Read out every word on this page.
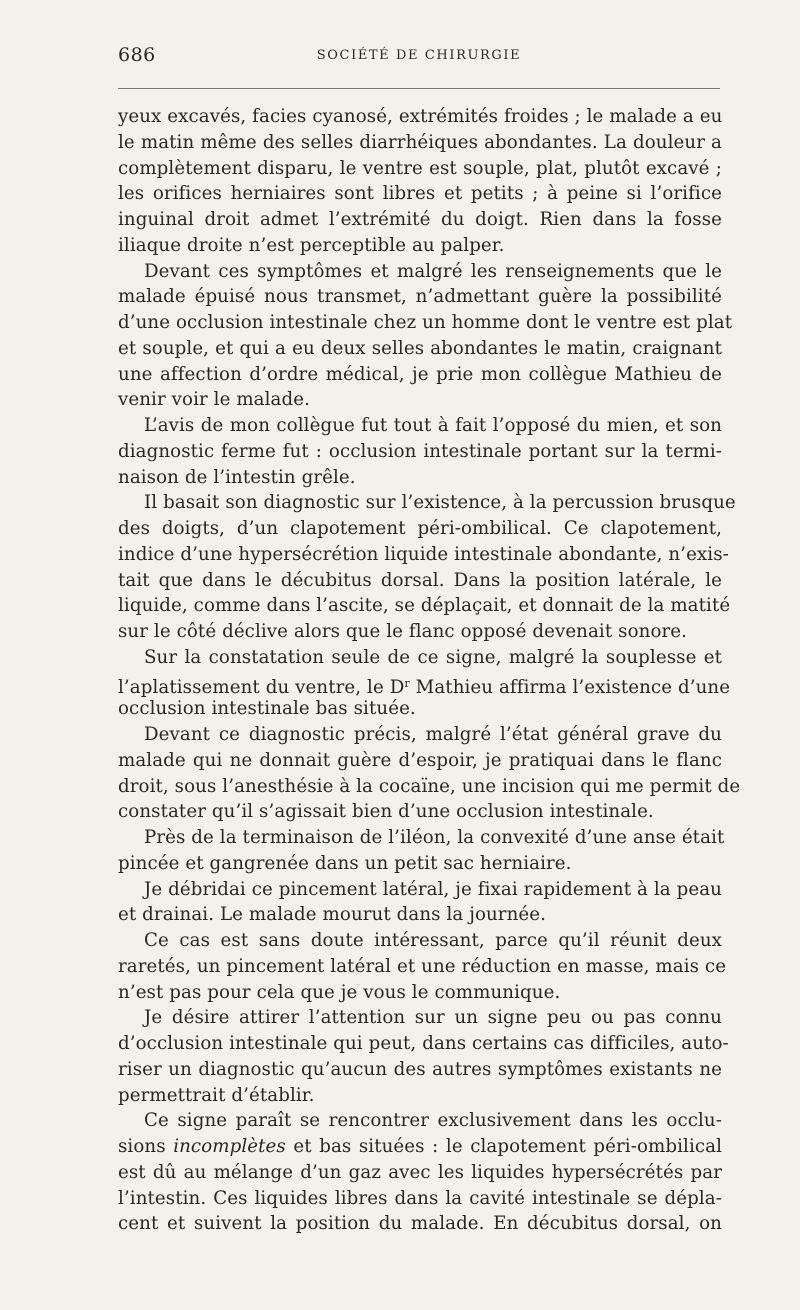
686	SOCIÉTÉ DE CHIRURGIE
yeux excavés, facies cyanosé, extrémités froides ; le malade a eu
le matin même des selles diarrhéiques abondantes. La douleur a
complètement disparu, le ventre est souple, plat, plutôt excavé ;
les orifices herniaires sont libres et petits ; à peine si l’orifice
inguinal droit admet l’extrémité du doigt. Rien dans la fosse
iliaque droite n’est perceptible au palper.
Devant ces symptômes et malgré les renseignements que le
malade épuisé nous transmet, n’admettant guère la possibilité
d’une occlusion intestinale chez un homme dont le ventre est plat
et souple, et qui a eu deux selles abondantes le matin, craignant
une affection d’ordre médical, je prie mon collègue Mathieu de
venir voir le malade.
L’avis de mon collègue fut tout à fait l’opposé du mien, et son
diagnostic ferme fut : occlusion intestinale portant sur la termi-
naison de l’intestin grêle.
Il basait son diagnostic sur l’existence, à la percussion brusque
des doigts, d’un clapotement péri-ombilical. Ce clapotement,
indice d’une hypersécrétion liquide intestinale abondante, n’exis-
tait que dans le décubitus dorsal. Dans la position latérale, le
liquide, comme dans l’ascite, se déplaçait, et donnait de la matité
sur le côté déclive alors que le flanc opposé devenait sonore.
Sur la constatation seule de ce signe, malgré la souplesse et
l’aplatissement du ventre, le $D^r$ Mathieu affirma l’existence d’une
occlusion intestinale bas située.
Devant ce diagnostic précis, malgré l’état général grave du
malade qui ne donnait guère d’espoir, je pratiquai dans le flanc
droit, sous l’anesthésie à la cocaïne, une incision qui me permit de
constater qu’il s’agissait bien d’une occlusion intestinale.
Près de la terminaison de l’iléon, la convexité d’une anse était
pincée et gangrenée dans un petit sac herniaire.
Je débridai ce pincement latéral, je fixai rapidement à la peau
et drainai. Le malade mourut dans la journée.
Ce cas est sans doute intéressant, parce qu’il réunit deux
raretés, un pincement latéral et une réduction en masse, mais ce
n’est pas pour cela que je vous le communique.
Je désire attirer l’attention sur un signe peu ou pas connu
d’occlusion intestinale qui peut, dans certains cas difficiles, auto-
riser un diagnostic qu’aucun des autres symptômes existants ne
permettrait d’établir.
Ce signe paraît se rencontrer exclusivement dans les occlu-
sions incomplètes et bas situées : le clapotement péri-ombilical
est dû au mélange d’un gaz avec les liquides hypersécrétés par
l’intestin. Ces liquides libres dans la cavité intestinale se dépla-
cent et suivent la position du malade. En décubitus dorsal, on
